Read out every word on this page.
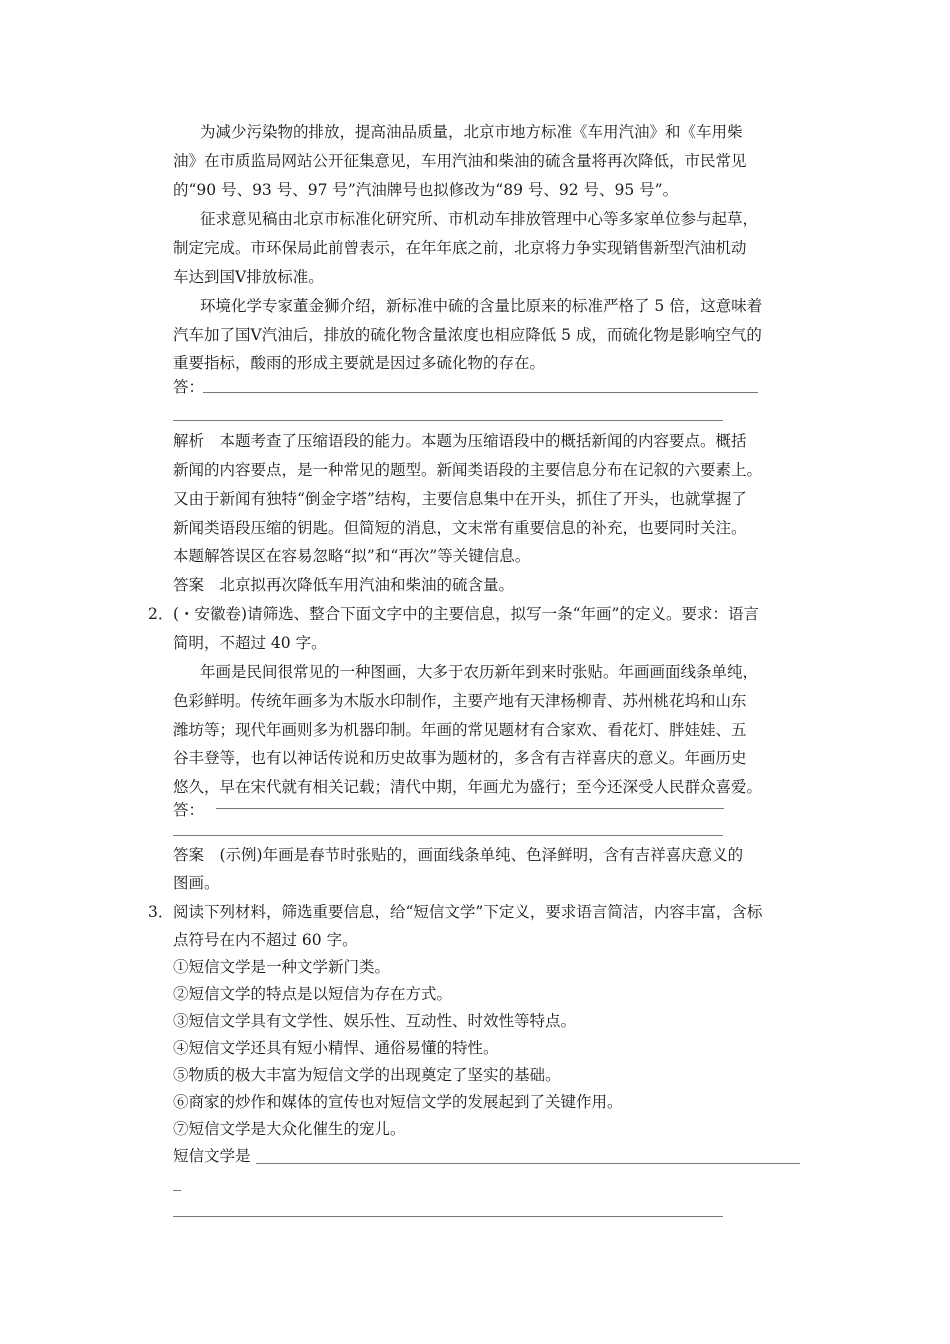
为减少污染物的排放，提高油品质量，北京市地方标准《车用汽油》和《车用柴
油》在市质监局网站公开征集意见，车用汽油和柴油的硫含量将再次降低，市民常见
的“90 号、93 号、97 号”汽油牌号也拟修改为“89 号、92 号、95 号”。
征求意见稿由北京市标准化研究所、市机动车排放管理中心等多家单位参与起草，
制定完成。市环保局此前曾表示，在年年底之前，北京将力争实现销售新型汽油机动
车达到国Ⅴ排放标准。
环境化学专家董金狮介绍，新标准中硫的含量比原来的标准严格了 5 倍，这意味着
汽车加了国Ⅴ汽油后，排放的硫化物含量浓度也相应降低 5 成，而硫化物是影响空气的
重要指标，酸雨的形成主要就是因过多硫化物的存在。
答：
解析　本题考查了压缩语段的能力。本题为压缩语段中的概括新闻的内容要点。概括
新闻的内容要点，是一种常见的题型。新闻类语段的主要信息分布在记叙的六要素上。
又由于新闻有独特“倒金字塔”结构，主要信息集中在开头，抓住了开头，也就掌握了
新闻类语段压缩的钥匙。但简短的消息，文末常有重要信息的补充，也要同时关注。
本题解答误区在容易忽略“拟”和“再次”等关键信息。
答案　北京拟再次降低车用汽油和柴油的硫含量。
2． (・安徽卷)请筛选、整合下面文字中的主要信息，拟写一条“年画”的定义。要求：语言
简明，不超过 40 字。
年画是民间很常见的一种图画，大多于农历新年到来时张贴。年画画面线条单纯，
色彩鲜明。传统年画多为木版水印制作，主要产地有天津杨柳青、苏州桃花坞和山东
潍坊等；现代年画则多为机器印制。年画的常见题材有合家欢、看花灯、胖娃娃、五
谷丰登等，也有以神话传说和历史故事为题材的，多含有吉祥喜庆的意义。年画历史
悠久，早在宋代就有相关记载；清代中期，年画尤为盛行；至今还深受人民群众喜爱。
答：
答案　(示例)年画是春节时张贴的，画面线条单纯、色泽鲜明，含有吉祥喜庆意义的
图画。
3． 阅读下列材料，筛选重要信息，给“短信文学”下定义，要求语言简洁，内容丰富，含标
点符号在内不超过 60 字。
①短信文学是一种文学新门类。
②短信文学的特点是以短信为存在方式。
③短信文学具有文学性、娱乐性、互动性、时效性等特点。
④短信文学还具有短小精悍、通俗易懂的特性。
⑤物质的极大丰富为短信文学的出现奠定了坚实的基础。
⑥商家的炒作和媒体的宣传也对短信文学的发展起到了关键作用。
⑦短信文学是大众化催生的宠儿。
短信文学是
